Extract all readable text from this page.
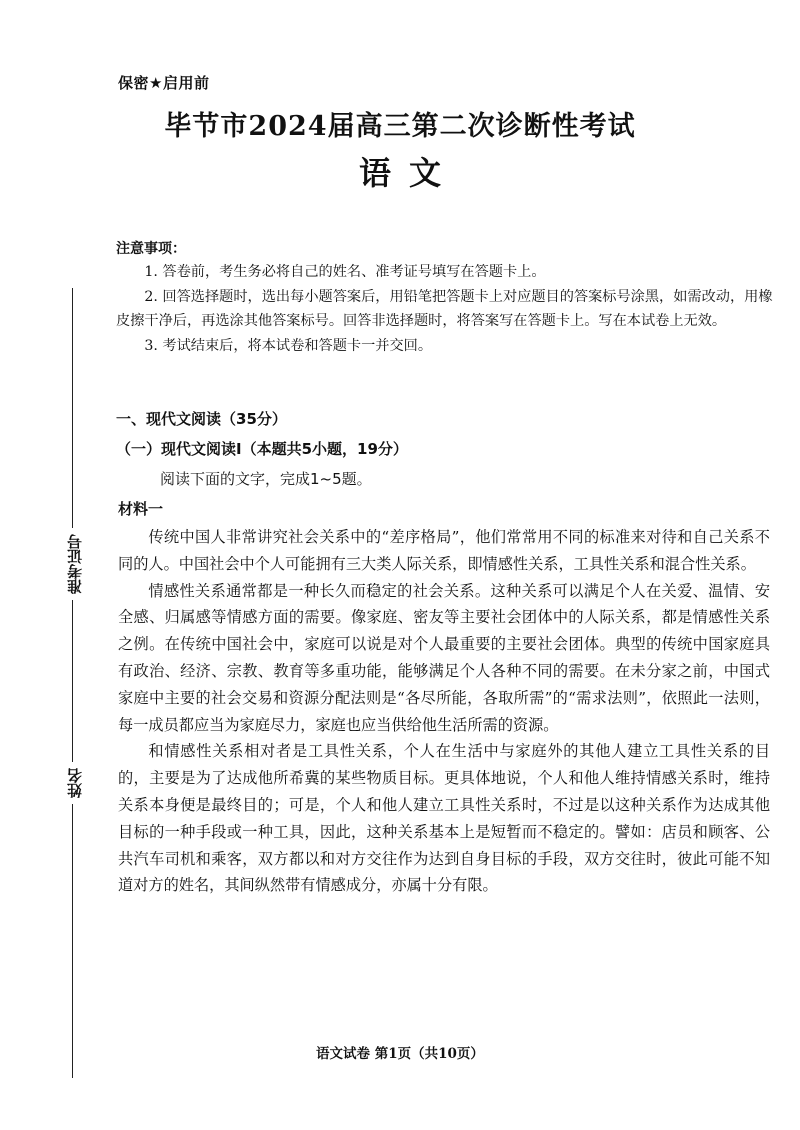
保密★启用前
毕节市2024届高三第二次诊断性考试
语文
注意事项：

1. 答卷前，考生务必将自己的姓名、准考证号填写在答题卡上。

2. 回答选择题时，选出每小题答案后，用铅笔把答题卡上对应题目的答案标号涂黑，如需改动，用橡皮擦干净后，再选涂其他答案标号。回答非选择题时，将答案写在答题卡上。写在本试卷上无效。

3. 考试结束后，将本试卷和答题卡一并交回。

一、现代文阅读（35分）
（一）现代文阅读Ⅰ（本题共5小题，19分）
阅读下面的文字，完成1~5题。
材料一

传统中国人非常讲究社会关系中的“差序格局”，他们常常用不同的标准来对待和自己关系不同的人。中国社会中个人可能拥有三大类人际关系，即情感性关系，工具性关系和混合性关系。

情感性关系通常都是一种长久而稳定的社会关系。这种关系可以满足个人在关爱、温情、安全感、归属感等情感方面的需要。像家庭、密友等主要社会团体中的人际关系，都是情感性关系之例。在传统中国社会中，家庭可以说是对个人最重要的主要社会团体。典型的传统中国家庭具有政治、经济、宗教、教育等多重功能，能够满足个人各种不同的需要。在未分家之前，中国式家庭中主要的社会交易和资源分配法则是“各尽所能，各取所需”的“需求法则”，依照此一法则，每一成员都应当为家庭尽力，家庭也应当供给他生活所需的资源。

和情感性关系相对者是工具性关系，个人在生活中与家庭外的其他人建立工具性关系的目的，主要是为了达成他所希冀的某些物质目标。更具体地说，个人和他人维持情感关系时，维持关系本身便是最终目的；可是，个人和他人建立工具性关系时，不过是以这种关系作为达成其他目标的一种手段或一种工具，因此，这种关系基本上是短暂而不稳定的。譬如：店员和顾客、公共汽车司机和乘客，双方都以和对方交往作为达到自身目标的手段，双方交往时，彼此可能不知道对方的姓名，其间纵然带有情感成分，亦属十分有限。

准考证号
姓名
语文试卷 第1页（共10页）
